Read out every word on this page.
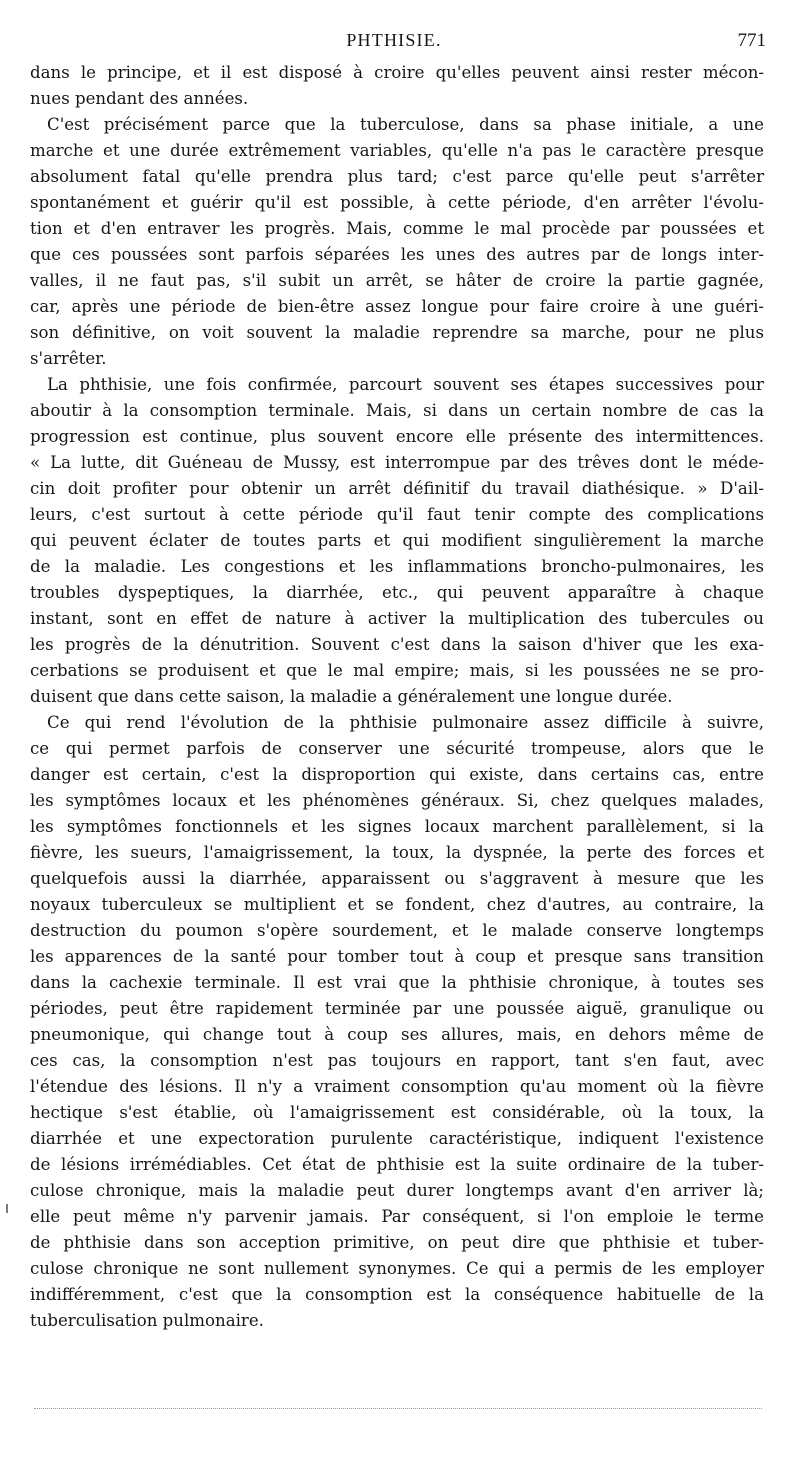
PHTHISIE.	771
dans le principe, et il est disposé à croire qu'elles peuvent ainsi rester mécon-
nues pendant des années.
C'est précisément parce que la tuberculose, dans sa phase initiale, a une
marche et une durée extrêmement variables, qu'elle n'a pas le caractère presque
absolument fatal qu'elle prendra plus tard; c'est parce qu'elle peut s'arrêter
spontanément et guérir qu'il est possible, à cette période, d'en arrêter l'évolu-
tion et d'en entraver les progrès. Mais, comme le mal procède par poussées et
que ces poussées sont parfois séparées les unes des autres par de longs inter-
valles, il ne faut pas, s'il subit un arrêt, se hâter de croire la partie gagnée,
car, après une période de bien-être assez longue pour faire croire à une guéri-
son définitive, on voit souvent la maladie reprendre sa marche, pour ne plus
s'arrêter.
La phthisie, une fois confirmée, parcourt souvent ses étapes successives pour
aboutir à la consomption terminale. Mais, si dans un certain nombre de cas la
progression est continue, plus souvent encore elle présente des intermittences.
« La lutte, dit Guéneau de Mussy, est interrompue par des trêves dont le méde-
cin doit profiter pour obtenir un arrêt définitif du travail diathésique. » D'ail-
leurs, c'est surtout à cette période qu'il faut tenir compte des complications
qui peuvent éclater de toutes parts et qui modifient singulièrement la marche
de la maladie. Les congestions et les inflammations broncho-pulmonaires, les
troubles dyspeptiques, la diarrhée, etc., qui peuvent apparaître à chaque
instant, sont en effet de nature à activer la multiplication des tubercules ou
les progrès de la dénutrition. Souvent c'est dans la saison d'hiver que les exa-
cerbations se produisent et que le mal empire; mais, si les poussées ne se pro-
duisent que dans cette saison, la maladie a généralement une longue durée.
Ce qui rend l'évolution de la phthisie pulmonaire assez difficile à suivre,
ce qui permet parfois de conserver une sécurité trompeuse, alors que le
danger est certain, c'est la disproportion qui existe, dans certains cas, entre
les symptômes locaux et les phénomènes généraux. Si, chez quelques malades,
les symptômes fonctionnels et les signes locaux marchent parallèlement, si la
fièvre, les sueurs, l'amaigrissement, la toux, la dyspnée, la perte des forces et
quelquefois aussi la diarrhée, apparaissent ou s'aggravent à mesure que les
noyaux tuberculeux se multiplient et se fondent, chez d'autres, au contraire, la
destruction du poumon s'opère sourdement, et le malade conserve longtemps
les apparences de la santé pour tomber tout à coup et presque sans transition
dans la cachexie terminale. Il est vrai que la phthisie chronique, à toutes ses
périodes, peut être rapidement terminée par une poussée aiguë, granulique ou
pneumonique, qui change tout à coup ses allures, mais, en dehors même de
ces cas, la consomption n'est pas toujours en rapport, tant s'en faut, avec
l'étendue des lésions. Il n'y a vraiment consomption qu'au moment où la fièvre
hectique s'est établie, où l'amaigrissement est considérable, où la toux, la
diarrhée et une expectoration purulente caractéristique, indiquent l'existence
de lésions irrémédiables. Cet état de phthisie est la suite ordinaire de la tuber-
culose chronique, mais la maladie peut durer longtemps avant d'en arriver là;
elle peut même n'y parvenir jamais. Par conséquent, si l'on emploie le terme
de phthisie dans son acception primitive, on peut dire que phthisie et tuber-
culose chronique ne sont nullement synonymes. Ce qui a permis de les employer
indifféremment, c'est que la consomption est la conséquence habituelle de la
tuberculisation pulmonaire.
